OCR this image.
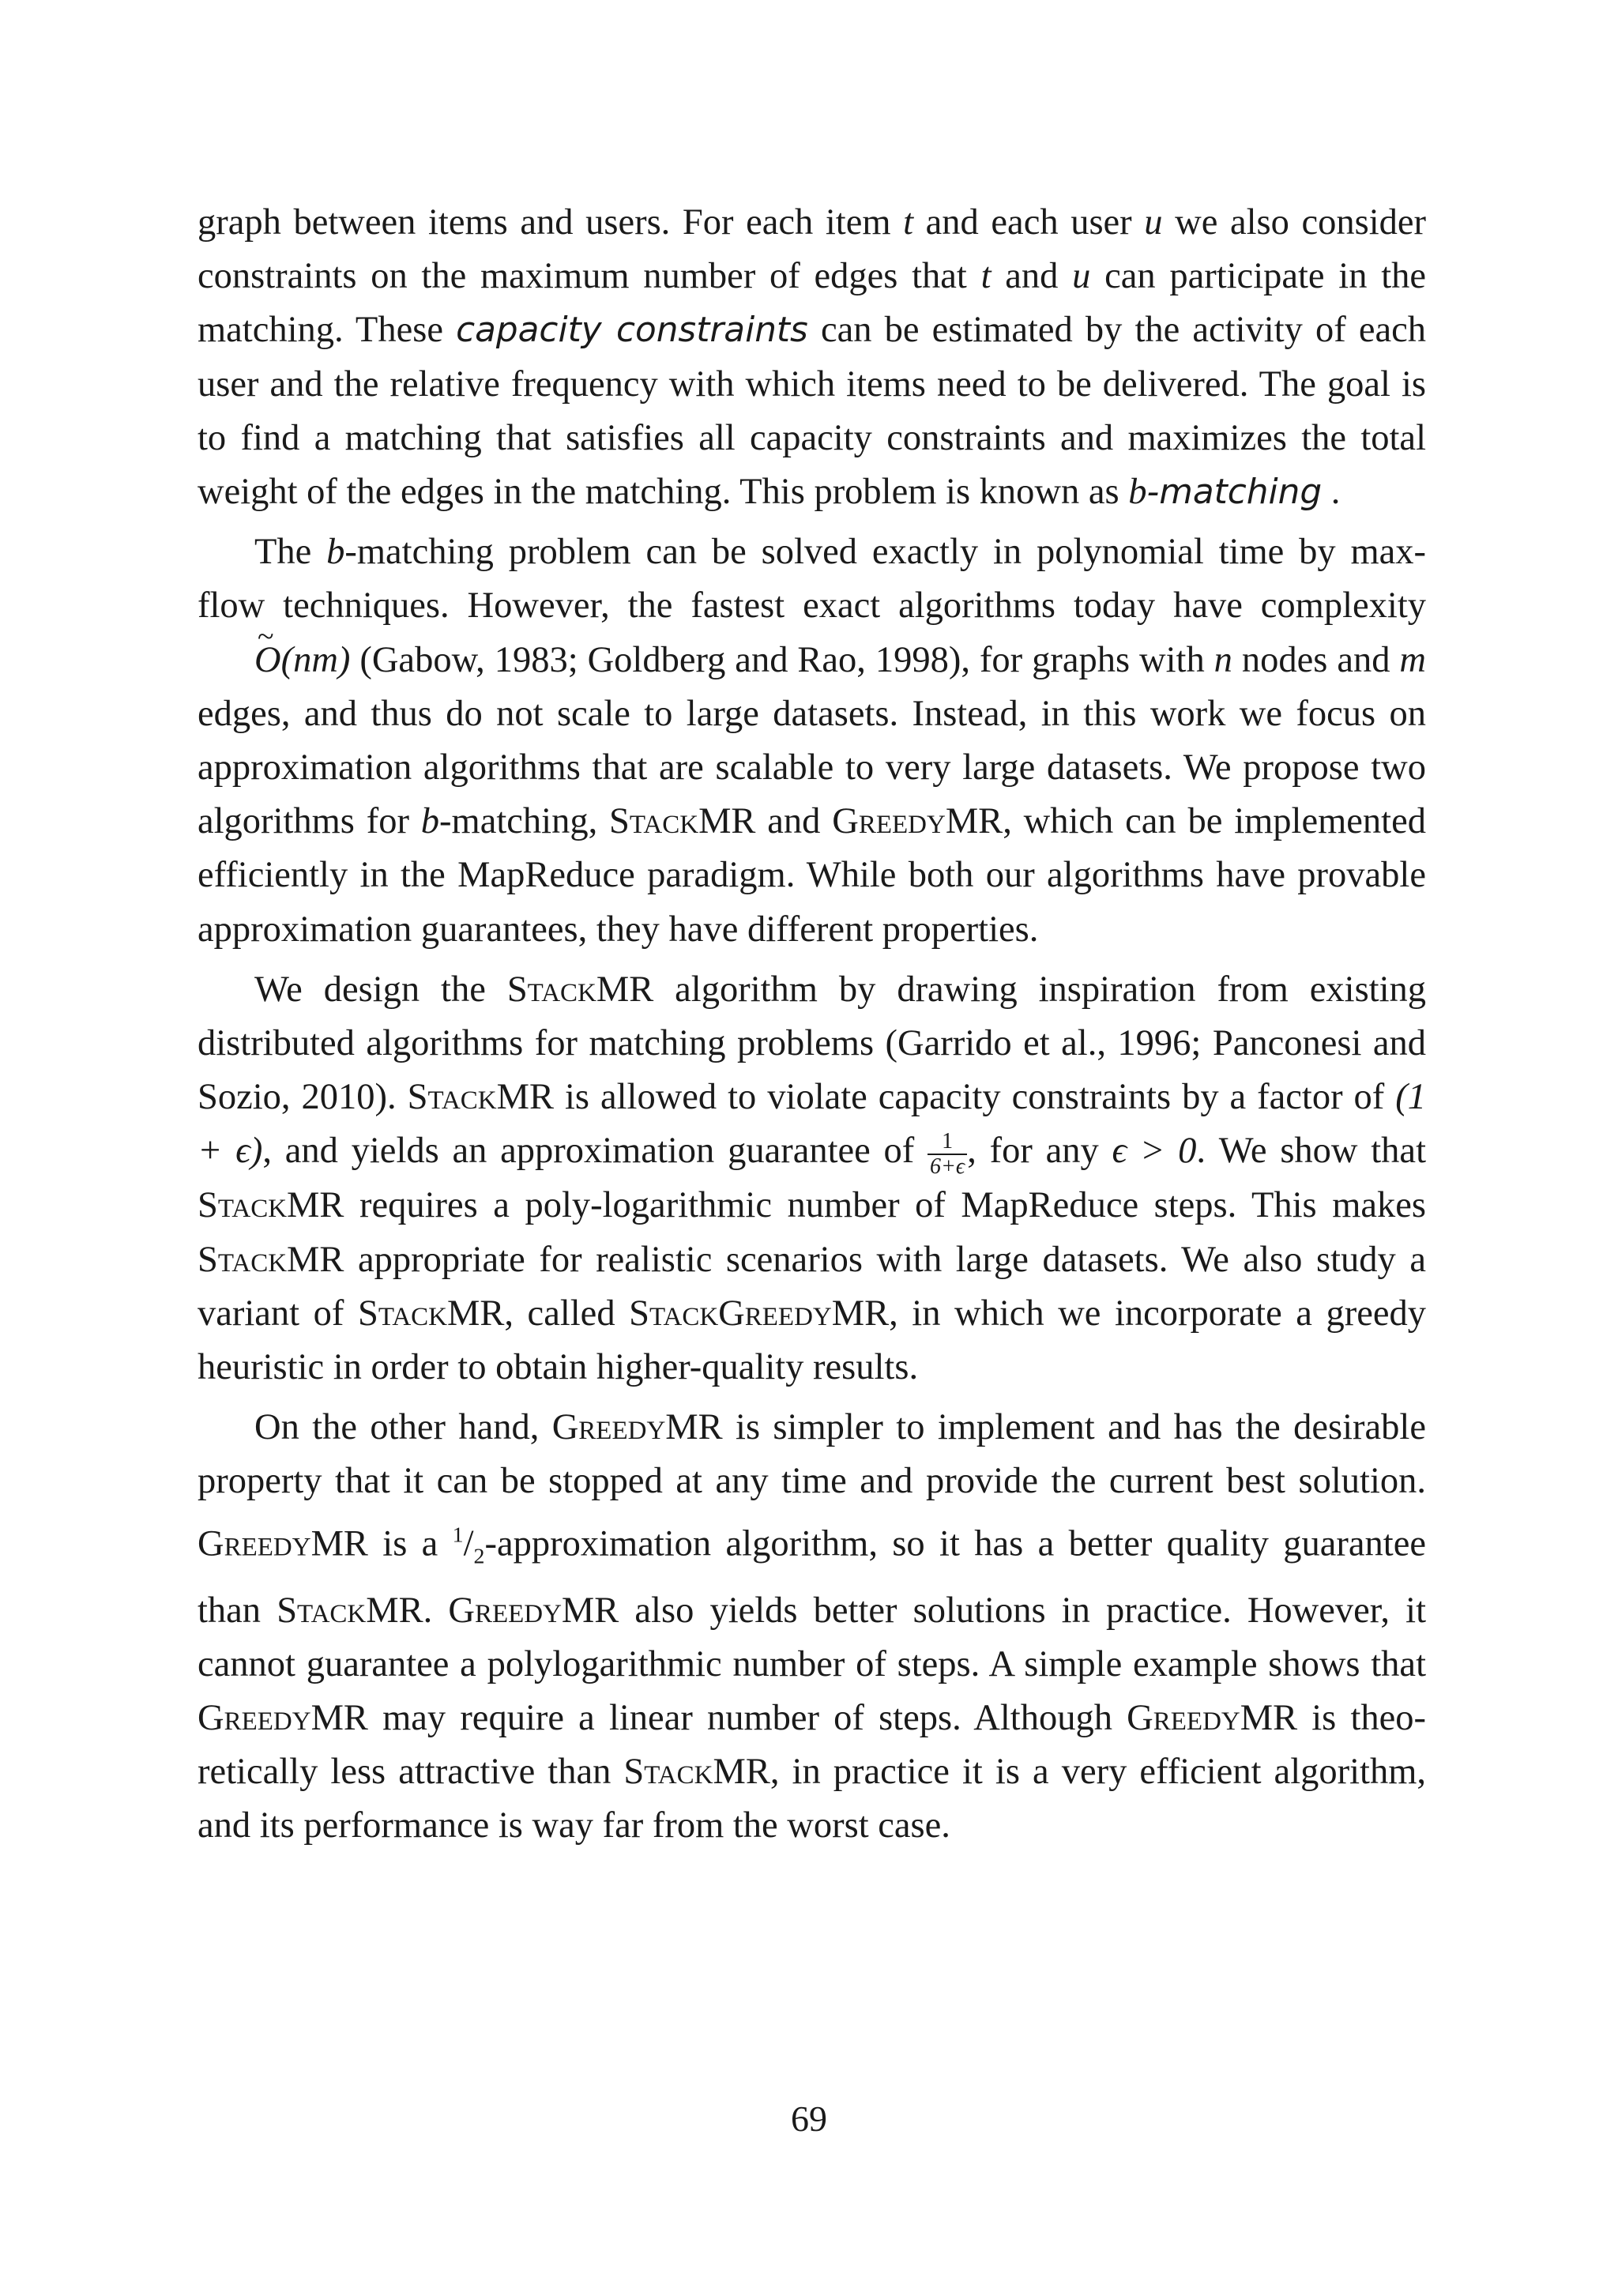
graph between items and users. For each item t and each user u we also consider constraints on the maximum number of edges that t and u can participate in the matching. These capacity constraints can be estimated by the activity of each user and the relative frequency with which items need to be delivered. The goal is to find a matching that satisfies all capacity constraints and maximizes the total weight of the edges in the matching. This problem is known as b-matching .

The b-matching problem can be solved exactly in polynomial time by max-flow techniques. However, the fastest exact algorithms today have complexity O ~(nm) (Gabow, 1983; Goldberg and Rao, 1998), for graphs with n nodes and m edges, and thus do not scale to large datasets. Instead, in this work we focus on approximation algorithms that are scalable to very large datasets. We propose two algorithms for b-matching, StackMR and GreedyMR, which can be implemented efficiently in the MapReduce paradigm. While both our algorithms have provable approximation guarantees, they have different properties.

We design the StackMR algorithm by drawing inspiration from existing distributed algorithms for matching problems (Garrido et al., 1996; Panconesi and Sozio, 2010). StackMR is allowed to violate capacity constraints by a factor of (1 + ϵ), and yields an approximation guarantee of $\frac{1}{6+\epsilon}$ , for any ϵ > 0. We show that StackMR requires a poly-logarithmic number of MapReduce steps. This makes StackMR appropriate for realistic scenarios with large datasets. We also study a variant of StackMR, called StackGreedyMR, in which we incorporate a greedy heuristic in order to obtain higher-quality results.

On the other hand, GreedyMR is simpler to implement and has the desirable property that it can be stopped at any time and provide the current best solution. GreedyMR is a $^1/_2$-approximation algorithm, so it has a better quality guarantee than StackMR. GreedyMR also yields better solutions in practice. However, it cannot guarantee a polylogarithmic number of steps. A simple example shows that GreedyMR may require a linear number of steps. Although GreedyMR is theoretically less attractive than StackMR, in practice it is a very efficient algorithm, and its performance is way far from the worst case.

69
